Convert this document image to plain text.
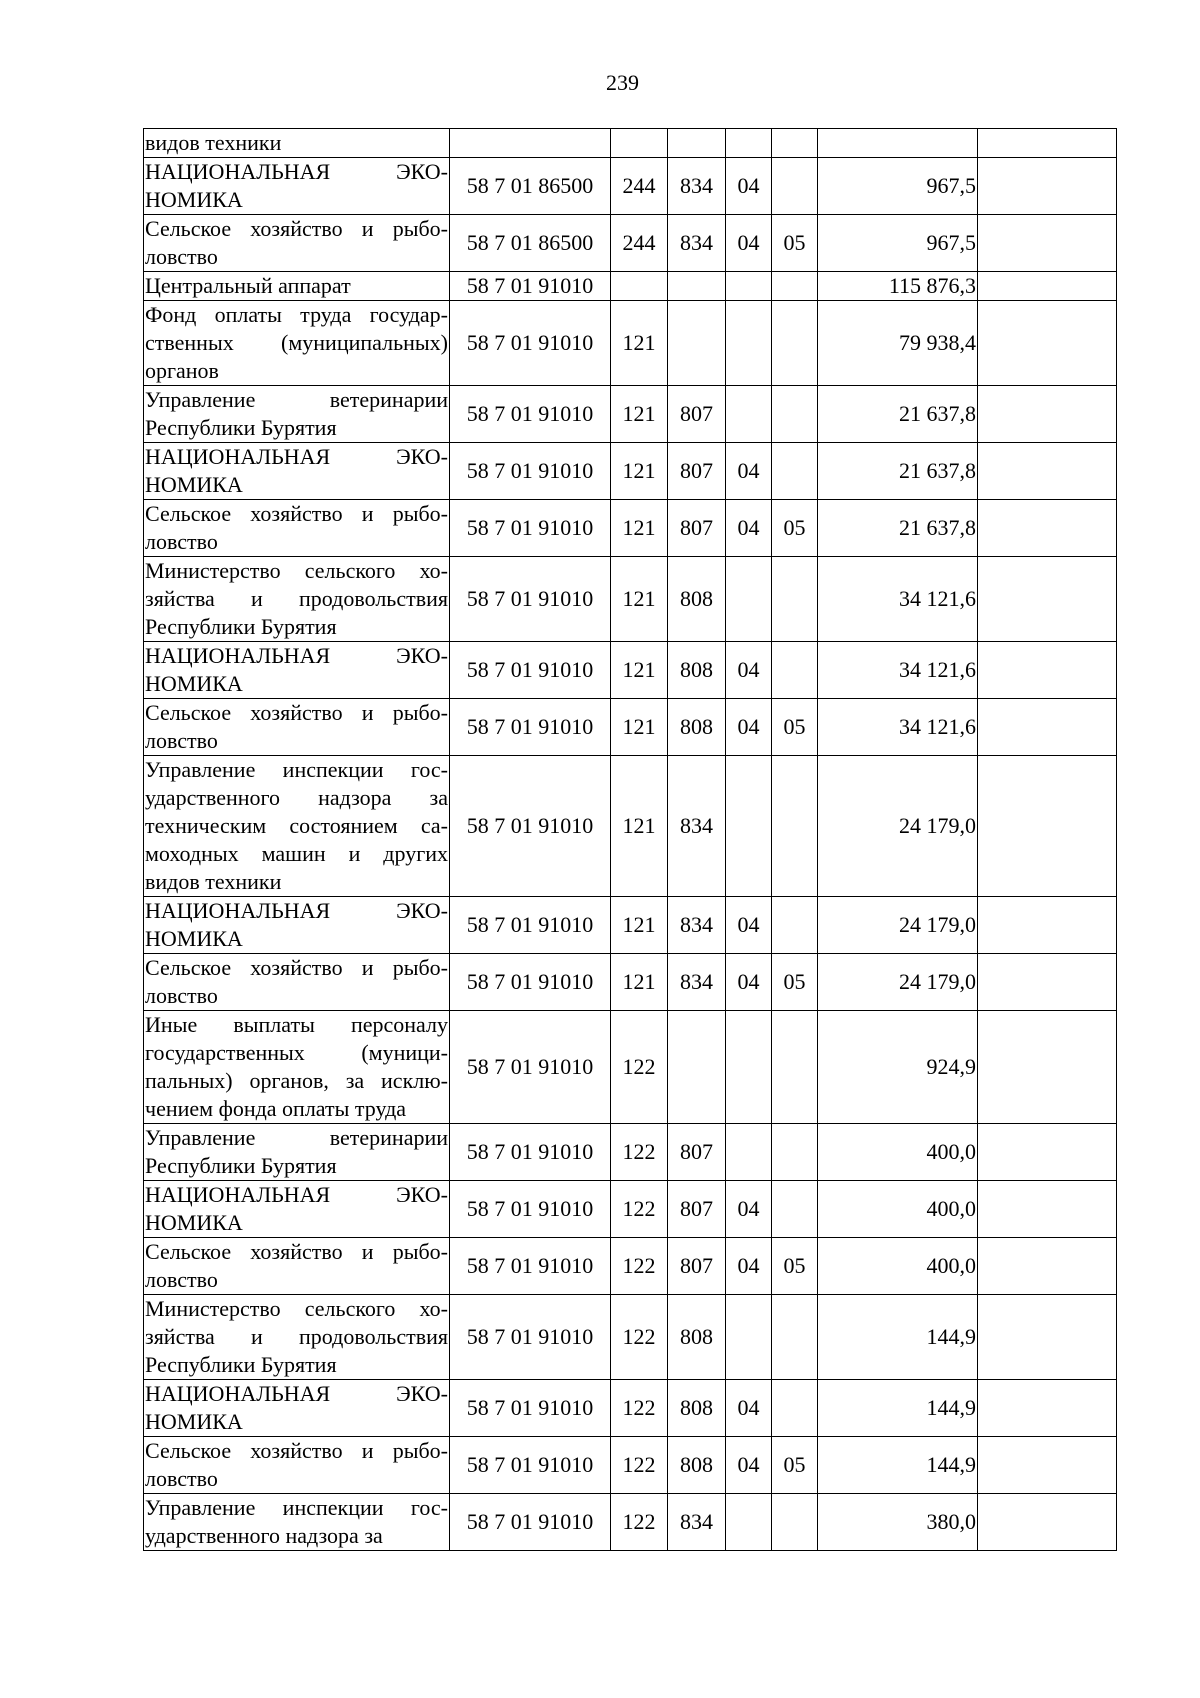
239
видов техники							
НАЦИОНАЛЬНАЯ ЭКО-НОМИКА	58 7 01 86500	244	834	04		967,5	
Сельское хозяйство и рыбо-ловство	58 7 01 86500	244	834	04	05	967,5	
Центральный аппарат	58 7 01 91010					115 876,3	
Фонд оплаты труда государ-ственных (муниципальных) органов	58 7 01 91010	121				79 938,4	
Управление ветеринарии Республики Бурятия	58 7 01 91010	121	807			21 637,8	
НАЦИОНАЛЬНАЯ ЭКО-НОМИКА	58 7 01 91010	121	807	04		21 637,8	
Сельское хозяйство и рыбо-ловство	58 7 01 91010	121	807	04	05	21 637,8	
Министерство сельского хо-зяйства и продовольствия Республики Бурятия	58 7 01 91010	121	808			34 121,6	
НАЦИОНАЛЬНАЯ ЭКО-НОМИКА	58 7 01 91010	121	808	04		34 121,6	
Сельское хозяйство и рыбо-ловство	58 7 01 91010	121	808	04	05	34 121,6	
Управление инспекции гос-ударственного надзора за техническим состоянием са-моходных машин и других видов техники	58 7 01 91010	121	834			24 179,0	
НАЦИОНАЛЬНАЯ ЭКО-НОМИКА	58 7 01 91010	121	834	04		24 179,0	
Сельское хозяйство и рыбо-ловство	58 7 01 91010	121	834	04	05	24 179,0	
Иные выплаты персоналу государственных (муници-пальных) органов, за исклю-чением фонда оплаты труда	58 7 01 91010	122				924,9	
Управление ветеринарии Республики Бурятия	58 7 01 91010	122	807			400,0	
НАЦИОНАЛЬНАЯ ЭКО-НОМИКА	58 7 01 91010	122	807	04		400,0	
Сельское хозяйство и рыбо-ловство	58 7 01 91010	122	807	04	05	400,0	
Министерство сельского хо-зяйства и продовольствия Республики Бурятия	58 7 01 91010	122	808			144,9	
НАЦИОНАЛЬНАЯ ЭКО-НОМИКА	58 7 01 91010	122	808	04		144,9	
Сельское хозяйство и рыбо-ловство	58 7 01 91010	122	808	04	05	144,9	
Управление инспекции гос-ударственного надзора за	58 7 01 91010	122	834			380,0	
